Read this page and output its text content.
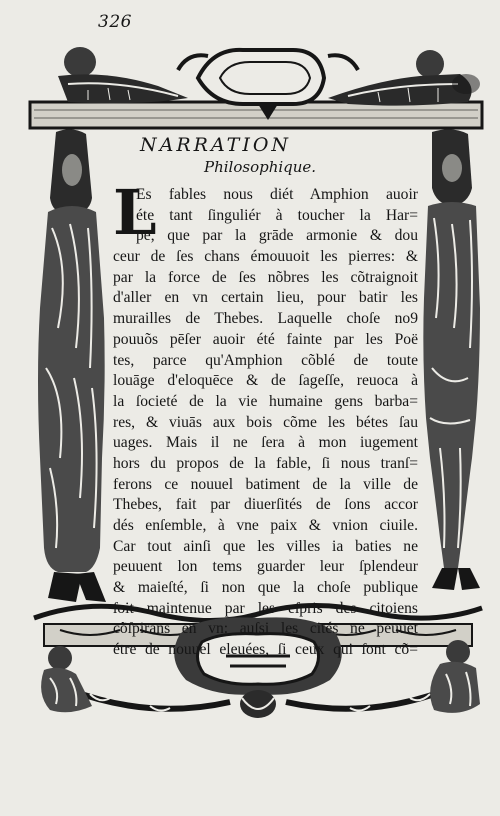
326
NARRATION
Philosophique.
L
Es fables nous diét Amphion auoir
éte tant ſinguliér à toucher la Har=
pe, que par la grāde armonie & dou
ceur de ſes chans émouuoit les pierres: &
par la force de ſes nõbres les cõtraignoit
d'aller en vn certain lieu, pour batir les
murailles de Thebes. Laquelle choſe no9
pouuõs pēſer auoir été fainte par les Poë
tes, parce qu'Amphion cõblé de toute
louāge d'eloquēce & de ſageſſe, reuoca à
la ſocieté de la vie humaine gens barba=
res, & viuās aux bois cõme les bétes ſau
uages. Mais il ne ſera à mon iugement
hors du propos de la fable, ſi nous tranſ=
ferons ce nouuel batiment de la ville de
Thebes, fait par diuerſités de ſons accor
dés enſemble, à vne paix & vnion ciuile.
Car tout ainſi que les villes ia baties ne
peuuent lon tems guarder leur ſplendeur
& maieſté, ſi non que la choſe publique
ſoit maintenue par les eſpris des citoiens
cõſpirans en vn: auſsi les cités ne peuuēt
étre de nouuel eleuées, ſi ceux qui ſont cõ=
